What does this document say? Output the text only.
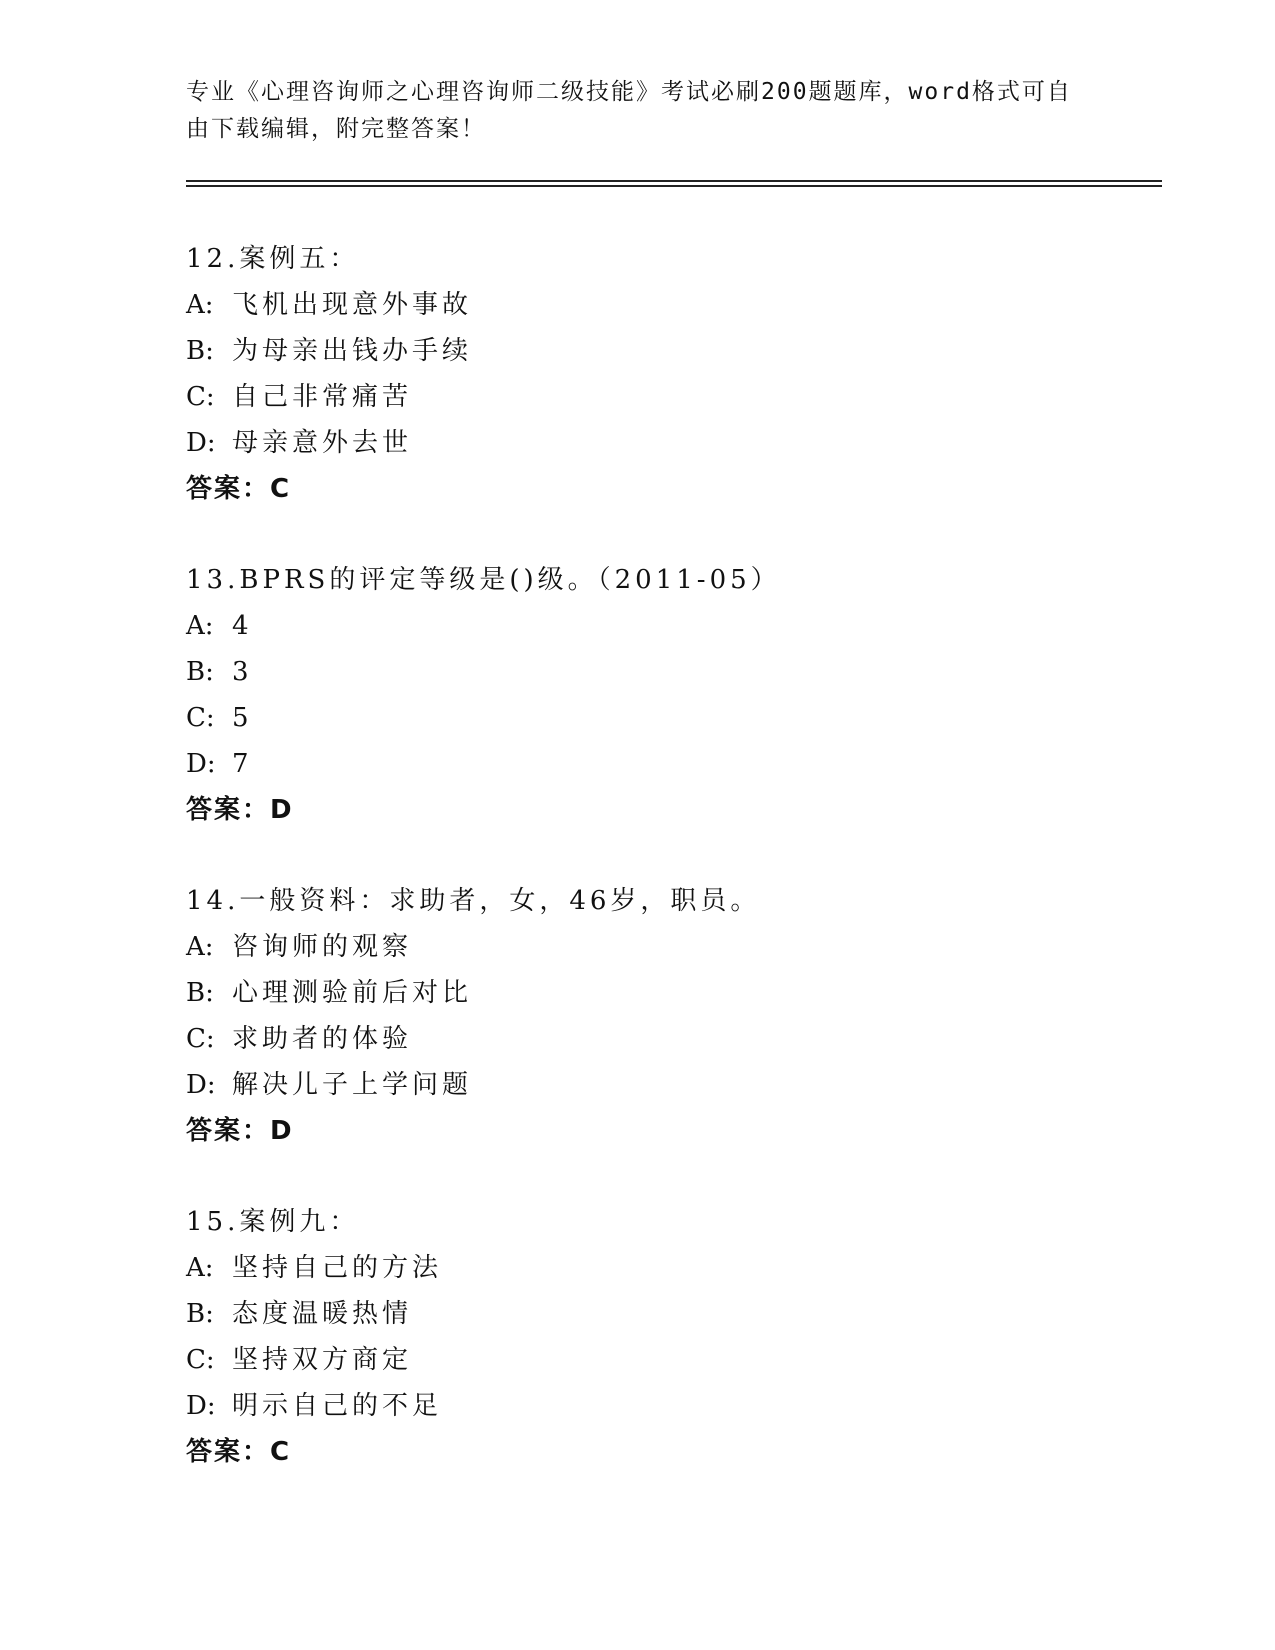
专业《心理咨询师之心理咨询师二级技能》考试必刷200题题库，word格式可自由下载编辑，附完整答案！

12.案例五：
A: 飞机出现意外事故
B: 为母亲出钱办手续
C: 自己非常痛苦
D: 母亲意外去世
答案：C
13.BPRS的评定等级是()级。（2011-05）
A: 4
B: 3
C: 5
D: 7
答案：D
14.一般资料：求助者，女，46岁，职员。
A: 咨询师的观察
B: 心理测验前后对比
C: 求助者的体验
D: 解决儿子上学问题
答案：D
15.案例九：
A: 坚持自己的方法
B: 态度温暖热情
C: 坚持双方商定
D: 明示自己的不足
答案：C
